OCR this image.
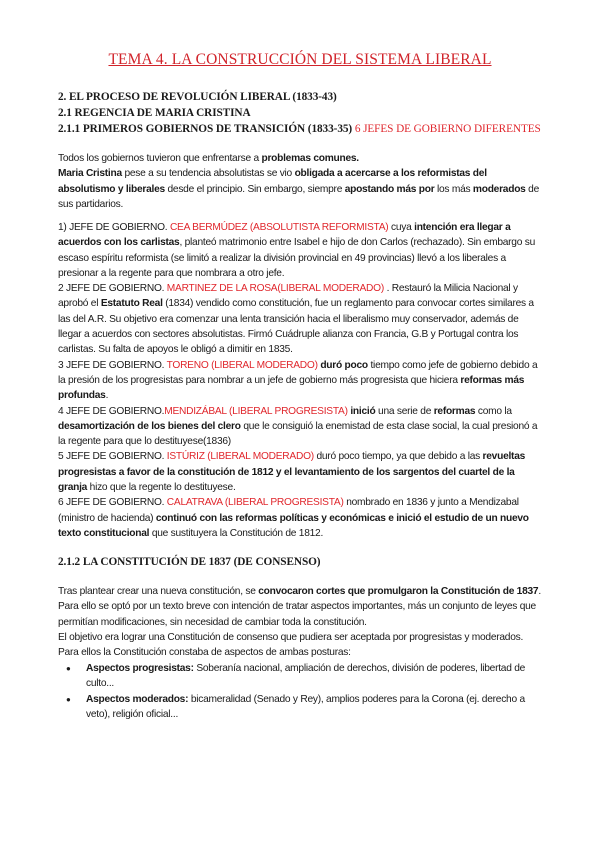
TEMA 4. LA CONSTRUCCIÓN DEL SISTEMA LIBERAL
2. EL PROCESO DE REVOLUCIÓN LIBERAL (1833-43)
2.1 REGENCIA DE MARIA CRISTINA
2.1.1 PRIMEROS GOBIERNOS DE TRANSICIÓN (1833-35) 6 JEFES DE GOBIERNO DIFERENTES
Todos los gobiernos tuvieron que enfrentarse a problemas comunes.
Maria Cristina pese a su tendencia absolutistas se vio obligada a acercarse a los reformistas del absolutismo y liberales desde el principio. Sin embargo, siempre apostando más por los más moderados de sus partidarios.
1) JEFE DE GOBIERNO. CEA BERMÚDEZ (ABSOLUTISTA REFORMISTA) cuya intención era llegar a acuerdos con los carlistas, planteó matrimonio entre Isabel e hijo de don Carlos (rechazado). Sin embargo su escaso espíritu reformista (se limitó a realizar la división provincial en 49 provincias) llevó a los liberales a presionar a la regente para que nombrara a otro jefe.
2 JEFE DE GOBIERNO. MARTINEZ DE LA ROSA(LIBERAL MODERADO) . Restauró la Milicia Nacional y aprobó el Estatuto Real (1834) vendido como constitución, fue un reglamento para convocar cortes similares a las del A.R. Su objetivo era comenzar una lenta transición hacia el liberalismo muy conservador, además de llegar a acuerdos con sectores absolutistas. Firmó Cuádruple alianza con Francia, G.B y Portugal contra los carlistas. Su falta de apoyos le obligó a dimitir en 1835.
3 JEFE DE GOBIERNO. TORENO (LIBERAL MODERADO) duró poco tiempo como jefe de gobierno debido a la presión de los progresistas para nombrar a un jefe de gobierno más progresista que hiciera reformas más profundas.
4 JEFE DE GOBIERNO.MENDIZÁBAL (LIBERAL PROGRESISTA) inició una serie de reformas como la desamortización de los bienes del clero que le consiguió la enemistad de esta clase social, la cual presionó a la regente para que lo destituyese(1836)
5 JEFE DE GOBIERNO. ISTÚRIZ (LIBERAL MODERADO) duró poco tiempo, ya que debido a las revueltas progresistas a favor de la constitución de 1812 y el levantamiento de los sargentos del cuartel de la granja hizo que la regente lo destituyese.
6 JEFE DE GOBIERNO. CALATRAVA (LIBERAL PROGRESISTA) nombrado en 1836 y junto a Mendizabal (ministro de hacienda) continuó con las reformas políticas y económicas e inició el estudio de un nuevo texto constitucional que sustituyera la Constitución de 1812.
2.1.2 LA CONSTITUCIÓN DE 1837 (DE CONSENSO)
Tras plantear crear una nueva constitución, se convocaron cortes que promulgaron la Constitución de 1837. Para ello se optó por un texto breve con intención de tratar aspectos importantes, más un conjunto de leyes que permitían modificaciones, sin necesidad de cambiar toda la constitución.
El objetivo era lograr una Constitución de consenso que pudiera ser aceptada por progresistas y moderados. Para ellos la Constitución constaba de aspectos de ambas posturas:
● Aspectos progresistas: Soberanía nacional, ampliación de derechos, división de poderes, libertad de culto...
● Aspectos moderados: bicameralidad (Senado y Rey), amplios poderes para la Corona (ej. derecho a veto), religión oficial...
